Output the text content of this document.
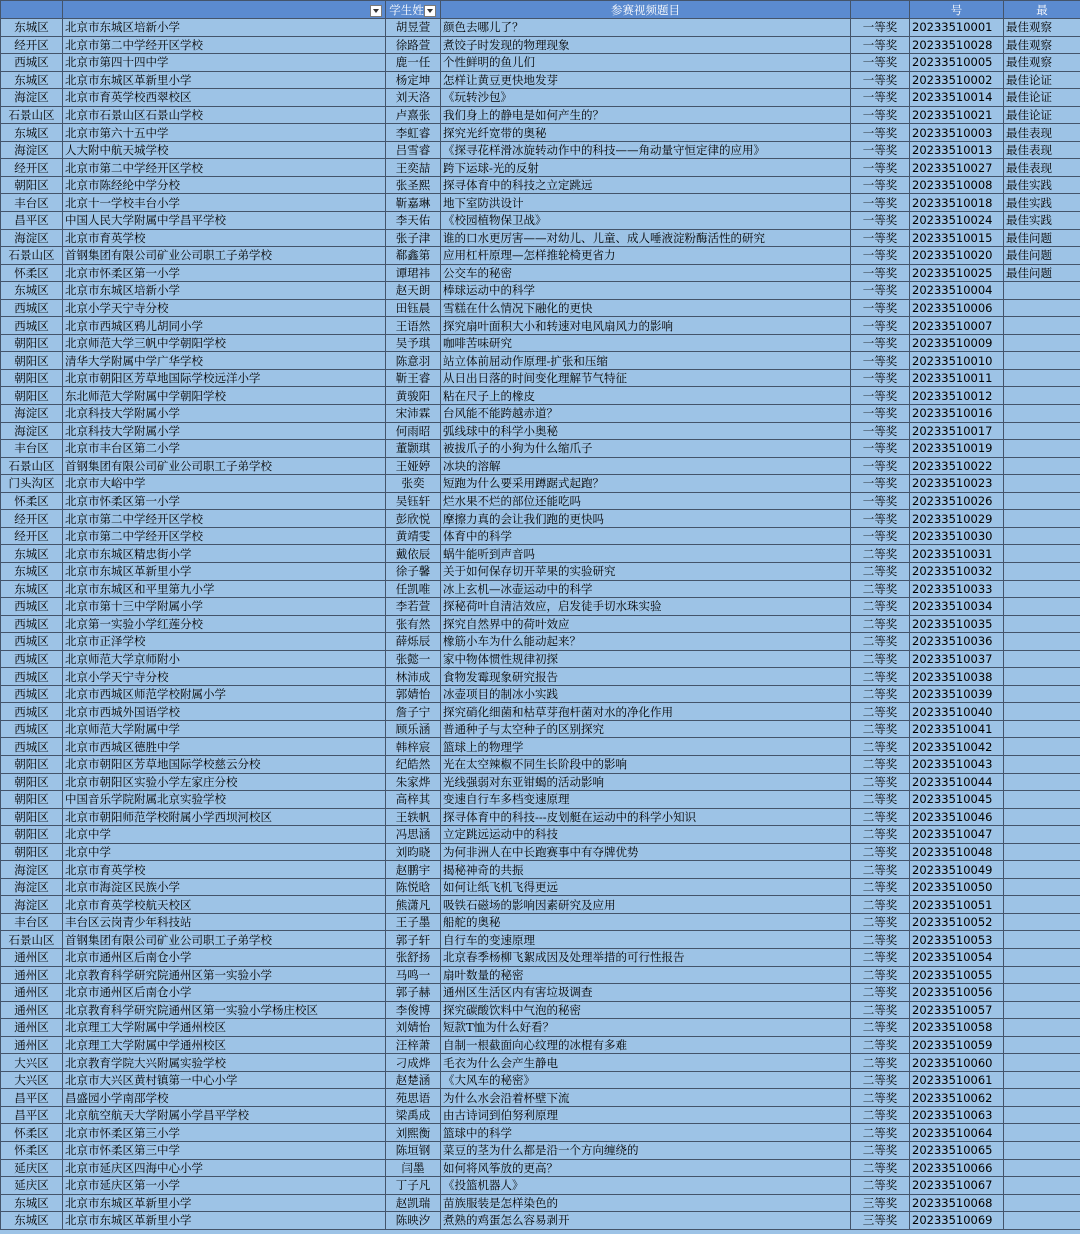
		学生姓	参赛视频题目		号	最
东城区	北京市东城区培新小学	胡昱萱	颜色去哪儿了？	一等奖	20233510001	最佳观察
经开区	北京市第二中学经开区学校	徐路萱	煮饺子时发现的物理现象	一等奖	20233510028	最佳观察
西城区	北京市第四十四中学	鹿一任	个性鲜明的鱼儿们	一等奖	20233510005	最佳观察
东城区	北京市东城区革新里小学	杨定坤	怎样让黄豆更快地发芽	一等奖	20233510002	最佳论证
海淀区	北京市育英学校西翠校区	刘天洛	《玩转沙包》	一等奖	20233510014	最佳论证
石景山区	北京市石景山区石景山学校	卢熹张	我们身上的静电是如何产生的？	一等奖	20233510021	最佳论证
东城区	北京市第六十五中学	李虹睿	探究光纤宽带的奥秘	一等奖	20233510003	最佳表现
海淀区	人大附中航天城学校	吕雪睿	《探寻花样滑冰旋转动作中的科技——角动量守恒定律的应用》	一等奖	20233510013	最佳表现
经开区	北京市第二中学经开区学校	王奕喆	跨下运球-光的反射	一等奖	20233510027	最佳表现
朝阳区	北京市陈经纶中学分校	张圣熙	探寻体育中的科技之立定跳远	一等奖	20233510008	最佳实践
丰台区	北京十一学校丰台小学	靳嘉琳	地下室防洪设计	一等奖	20233510018	最佳实践
昌平区	中国人民大学附属中学昌平学校	李天佑	《校园植物保卫战》	一等奖	20233510024	最佳实践
海淀区	北京市育英学校	张子津	谁的口水更厉害——对幼儿、儿童、成人唾液淀粉酶活性的研究	一等奖	20233510015	最佳问题
石景山区	首钢集团有限公司矿业公司职工子弟学校	郗鑫第	应用杠杆原理—怎样推轮椅更省力	一等奖	20233510020	最佳问题
怀柔区	北京市怀柔区第一小学	谭珺祎	公交车的秘密	一等奖	20233510025	最佳问题
东城区	北京市东城区培新小学	赵天朗	棒球运动中的科学	一等奖	20233510004	
西城区	北京小学天宁寺分校	田钰晨	雪糕在什么情况下融化的更快	一等奖	20233510006	
西城区	北京市西城区鸦儿胡同小学	王语然	探究扇叶面积大小和转速对电风扇风力的影响	一等奖	20233510007	
朝阳区	北京师范大学三帆中学朝阳学校	吴予琪	咖啡苦味研究	一等奖	20233510009	
朝阳区	清华大学附属中学广华学校	陈意羽	站立体前屈动作原理-扩张和压缩	一等奖	20233510010	
朝阳区	北京市朝阳区芳草地国际学校远洋小学	靳王睿	从日出日落的时间变化理解节气特征	一等奖	20233510011	
朝阳区	东北师范大学附属中学朝阳学校	黄骏阳	粘在尺子上的橡皮	一等奖	20233510012	
海淀区	北京科技大学附属小学	宋沛霖	台风能不能跨越赤道？	一等奖	20233510016	
海淀区	北京科技大学附属小学	何雨昭	弧线球中的科学小奥秘	一等奖	20233510017	
丰台区	北京市丰台区第二小学	董颢琪	被拔爪子的小狗为什么缩爪子	一等奖	20233510019	
石景山区	首钢集团有限公司矿业公司职工子弟学校	王娅婷	冰块的溶解	一等奖	20233510022	
门头沟区	北京市大峪中学	张奕	短跑为什么要采用蹲踞式起跑？	一等奖	20233510023	
怀柔区	北京市怀柔区第一小学	吴钰轩	烂水果不烂的部位还能吃吗	一等奖	20233510026	
经开区	北京市第二中学经开区学校	彭欣悦	摩擦力真的会让我们跑的更快吗	一等奖	20233510029	
经开区	北京市第二中学经开区学校	黄靖雯	体育中的科学	一等奖	20233510030	
东城区	北京市东城区精忠街小学	戴依辰	蜗牛能听到声音吗	二等奖	20233510031	
东城区	北京市东城区革新里小学	徐子馨	关于如何保存切开苹果的实验研究	二等奖	20233510032	
东城区	北京市东城区和平里第九小学	任凯唯	冰上玄机—冰壶运动中的科学	二等奖	20233510033	
西城区	北京市第十三中学附属小学	李若萱	探秘荷叶自清洁效应，启发徒手切水珠实验	二等奖	20233510034	
西城区	北京第一实验小学红莲分校	张有然	探究自然界中的荷叶效应	二等奖	20233510035	
西城区	北京市正泽学校	薛烁辰	橡筋小车为什么能动起来？	二等奖	20233510036	
西城区	北京师范大学京师附小	张懿一	家中物体惯性规律初探	二等奖	20233510037	
西城区	北京小学天宁寺分校	林沛成	食物发霉现象研究报告	二等奖	20233510038	
西城区	北京市西城区师范学校附属小学	郭婧怡	冰壶项目的制冰小实践	二等奖	20233510039	
西城区	北京市西城外国语学校	詹子宁	探究硝化细菌和枯草芽孢杆菌对水的净化作用	二等奖	20233510040	
西城区	北京师范大学附属中学	顾乐涵	普通种子与太空种子的区别探究	二等奖	20233510041	
西城区	北京市西城区德胜中学	韩梓宸	篮球上的物理学	二等奖	20233510042	
朝阳区	北京市朝阳区芳草地国际学校慈云分校	纪皓然	光在太空辣椒不同生长阶段中的影响	二等奖	20233510043	
朝阳区	北京市朝阳区实验小学左家庄分校	朱家烨	光线强弱对东亚钳蝎的活动影响	二等奖	20233510044	
朝阳区	中国音乐学院附属北京实验学校	高梓其	变速自行车多档变速原理	二等奖	20233510045	
朝阳区	北京市朝阳师范学校附属小学西坝河校区	王轶帆	探寻体育中的科技---皮划艇在运动中的科学小知识	二等奖	20233510046	
朝阳区	北京中学	冯思涵	立定跳远运动中的科技	二等奖	20233510047	
朝阳区	北京中学	刘昀晓	为何非洲人在中长跑赛事中有夺牌优势	二等奖	20233510048	
海淀区	北京市育英学校	赵鹏宇	揭秘神奇的共振	二等奖	20233510049	
海淀区	北京市海淀区民族小学	陈悦晗	如何让纸飞机飞得更远	二等奖	20233510050	
海淀区	北京市育英学校航天校区	熊潇凡	吸铁石磁场的影响因素研究及应用	二等奖	20233510051	
丰台区	丰台区云岗青少年科技站	王子墨	船舵的奥秘	二等奖	20233510052	
石景山区	首钢集团有限公司矿业公司职工子弟学校	郭子轩	自行车的变速原理	二等奖	20233510053	
通州区	北京市通州区后南仓小学	张舒扬	北京春季杨柳飞絮成因及处理举措的可行性报告	二等奖	20233510054	
通州区	北京教育科学研究院通州区第一实验小学	马鸣一	扇叶数量的秘密	二等奖	20233510055	
通州区	北京市通州区后南仓小学	郭子赫	通州区生活区内有害垃圾调查	二等奖	20233510056	
通州区	北京教育科学研究院通州区第一实验小学杨庄校区	李俊博	探究碳酸饮料中气泡的秘密	二等奖	20233510057	
通州区	北京理工大学附属中学通州校区	刘婧怡	短款T恤为什么好看？	二等奖	20233510058	
通州区	北京理工大学附属中学通州校区	汪梓萧	自制一根截面向心纹理的冰棍有多难	二等奖	20233510059	
大兴区	北京教育学院大兴附属实验学校	刁成烨	毛衣为什么会产生静电	二等奖	20233510060	
大兴区	北京市大兴区黄村镇第一中心小学	赵楚涵	《大风车的秘密》	二等奖	20233510061	
昌平区	昌盛园小学南邵学校	苑思语	为什么水会沿着杯壁下流	二等奖	20233510062	
昌平区	北京航空航天大学附属小学昌平学校	梁禹成	由古诗词到伯努利原理	二等奖	20233510063	
怀柔区	北京市怀柔区第三小学	刘熙衡	篮球中的科学	二等奖	20233510064	
怀柔区	北京市怀柔区第三中学	陈垣钢	菜豆的茎为什么都是沿一个方向缠绕的	二等奖	20233510065	
延庆区	北京市延庆区四海中心小学	闫墨	如何将风筝放的更高？	二等奖	20233510066	
延庆区	北京市延庆区第一小学	丁子凡	《投篮机器人》	二等奖	20233510067	
东城区	北京市东城区革新里小学	赵凯瑞	苗族服装是怎样染色的	三等奖	20233510068	
东城区	北京市东城区革新里小学	陈映汐	煮熟的鸡蛋怎么容易剥开	三等奖	20233510069	
